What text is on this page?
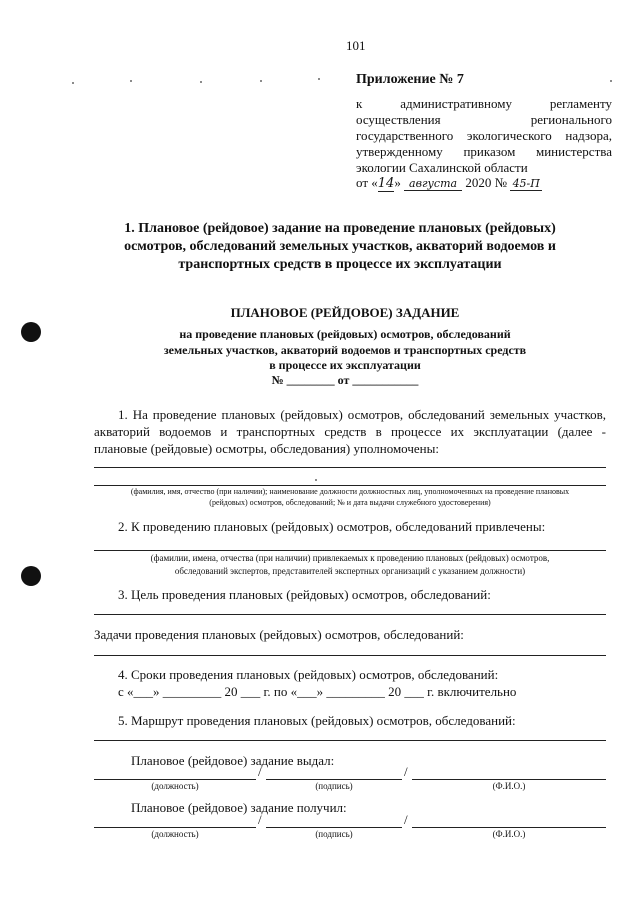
101
Приложение № 7
к административному регламенту
осуществления регионального
государственного экологического надзора,
утвержденному приказом министерства
экологии Сахалинской области
от «14» августа 2020 № 45-П
1. Плановое (рейдовое) задание на проведение плановых (рейдовых)
осмотров, обследований земельных участков, акваторий водоемов и
транспортных средств в процессе их эксплуатации
ПЛАНОВОЕ (РЕЙДОВОЕ) ЗАДАНИЕ
на проведение плановых (рейдовых) осмотров, обследований
земельных участков, акваторий водоемов и транспортных средств
в процессе их эксплуатации
№ ________ от ___________
1. На проведение плановых (рейдовых) осмотров, обследований земельных участков,
акваторий водоемов и транспортных средств в процессе их эксплуатации (далее -
плановые (рейдовые) осмотры, обследования) уполномочены:
(фамилия, имя, отчество (при наличии); наименование должности должностных лиц, уполномоченных на проведение плановых
(рейдовых) осмотров, обследований; № и дата выдачи служебного удостоверения)
2. К проведению плановых (рейдовых) осмотров, обследований привлечены:
(фамилии, имена, отчества (при наличии) привлекаемых к проведению плановых (рейдовых) осмотров,
обследований экспертов, представителей экспертных организаций с указанием должности)
3. Цель проведения плановых (рейдовых) осмотров, обследований:
Задачи проведения плановых (рейдовых) осмотров, обследований:
4. Сроки проведения плановых (рейдовых) осмотров, обследований:
с «___» _________ 20 ___ г. по «___» _________ 20 ___ г. включительно
5. Маршрут проведения плановых (рейдовых) осмотров, обследований:
Плановое (рейдовое) задание выдал:
/	/
(должность)	(подпись)	(Ф.И.О.)
Плановое (рейдовое) задание получил:
/	/
(должность)	(подпись)	(Ф.И.О.)
